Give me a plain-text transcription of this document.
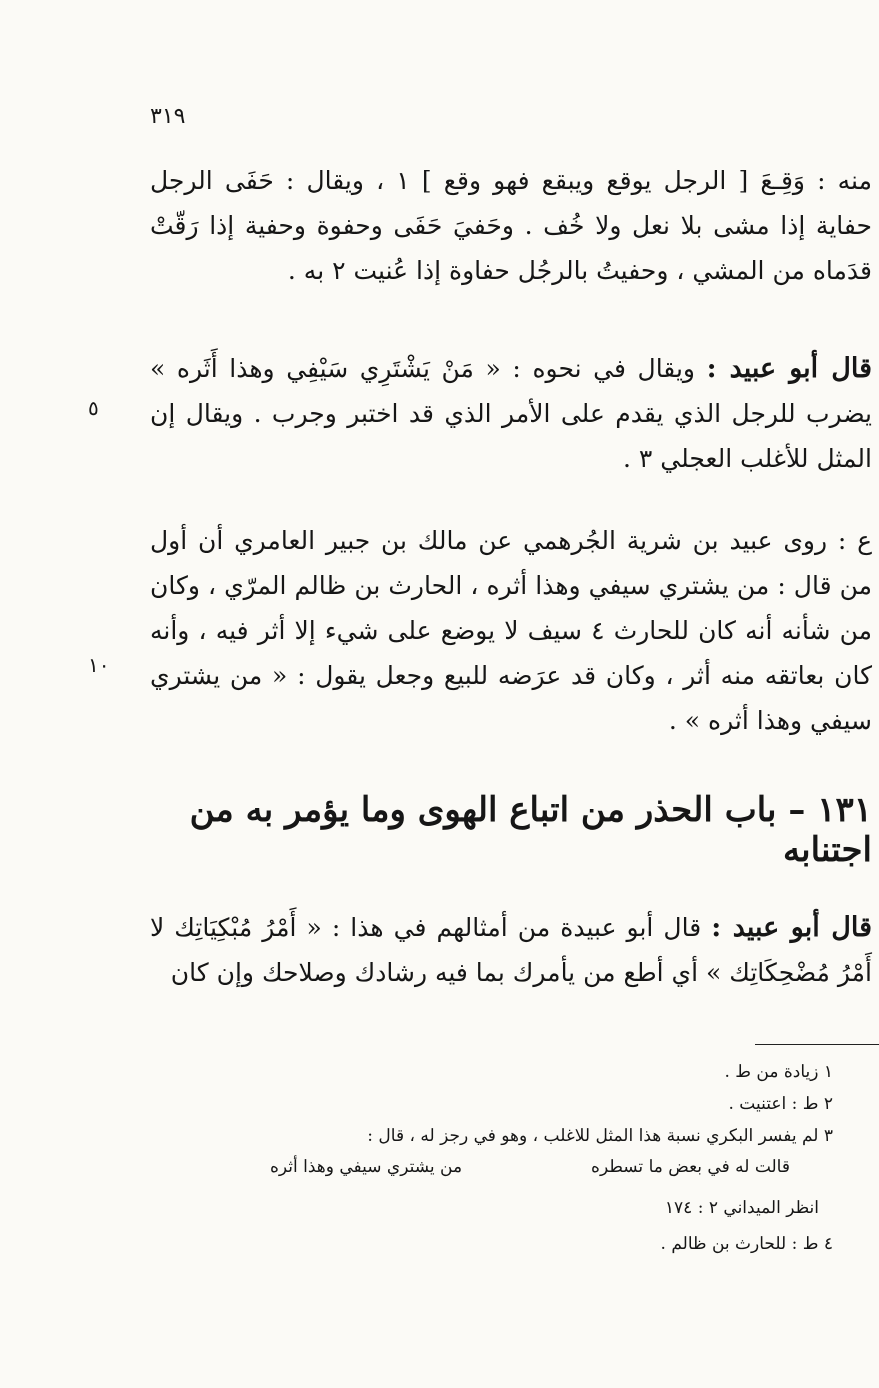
٣١٩
منه : وَقِـعَ [ الرجل يوقع ويبقع فهو وقع ] ١ ، ويقال : حَفَى الرجل حفاية إذا مشى بلا نعل ولا خُف . وحَفيَ حَفَى وحفوة وحفية إذا رَقّتْ قدَماه من المشي ، وحفيتُ بالرجُل حفاوة إذا عُنيت ٢ به .
قال أبو عبيد : ويقال في نحوه : « مَنْ يَشْتَرِي سَيْفِي وهذا أَثَره » يضرب للرجل الذي يقدم على الأمر الذي قد اختبر وجرب . ويقال إن المثل للأغلب العجلي ٣ .
٥
ع : روى عبيد بن شرية الجُرهمي عن مالك بن جبير العامري أن أول من قال : من يشتري سيفي وهذا أثره ، الحارث بن ظالم المرّي ، وكان من شأنه أنه كان للحارث ٤ سيف لا يوضع على شيء إلا أثر فيه ، وأنه كان بعاتقه منه أثر ، وكان قد عرَضه للبيع وجعل يقول : « من يشتري سيفي وهذا أثره » .
١٠
١٣١ – باب الحذر من اتباع الهوى وما يؤمر به من اجتنابه
قال أبو عبيد : قال أبو عبيدة من أمثالهم في هذا : « أَمْرُ مُبْكِيَاتِك لا أَمْرُ مُضْحِكَاتِك » أي أطع من يأمرك بما فيه رشادك وصلاحك وإن كان
١ زيادة من ط .
٢ ط : اعتنيت .
٣ لم يفسر البكري نسبة هذا المثل للاغلب ، وهو في رجز له ، قال :
قالت له في بعض ما تسطره
من يشتري سيفي وهذا أثره
انظر الميداني ٢ : ١٧٤
٤ ط : للحارث بن ظالم .
